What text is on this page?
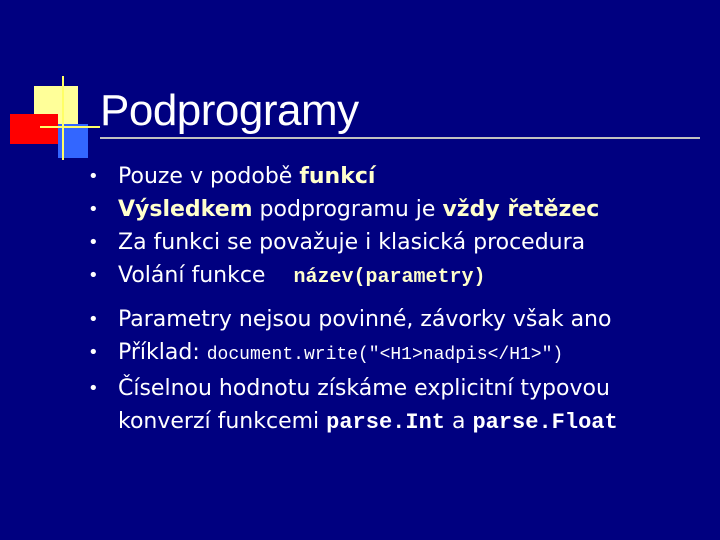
Podprogramy
• Pouze v podobě funkcí
• Výsledkem podprogramu je vždy řetězec
• Za funkci se považuje i klasická procedura
• Volání funkce název(parametry)
• Parametry nejsou povinné, závorky však ano
• Příklad: document.write("<H1>nadpis</H1>")
• Číselnou hodnotu získáme explicitní typovou konverzí funkcemi parse.Int a parse.Float
